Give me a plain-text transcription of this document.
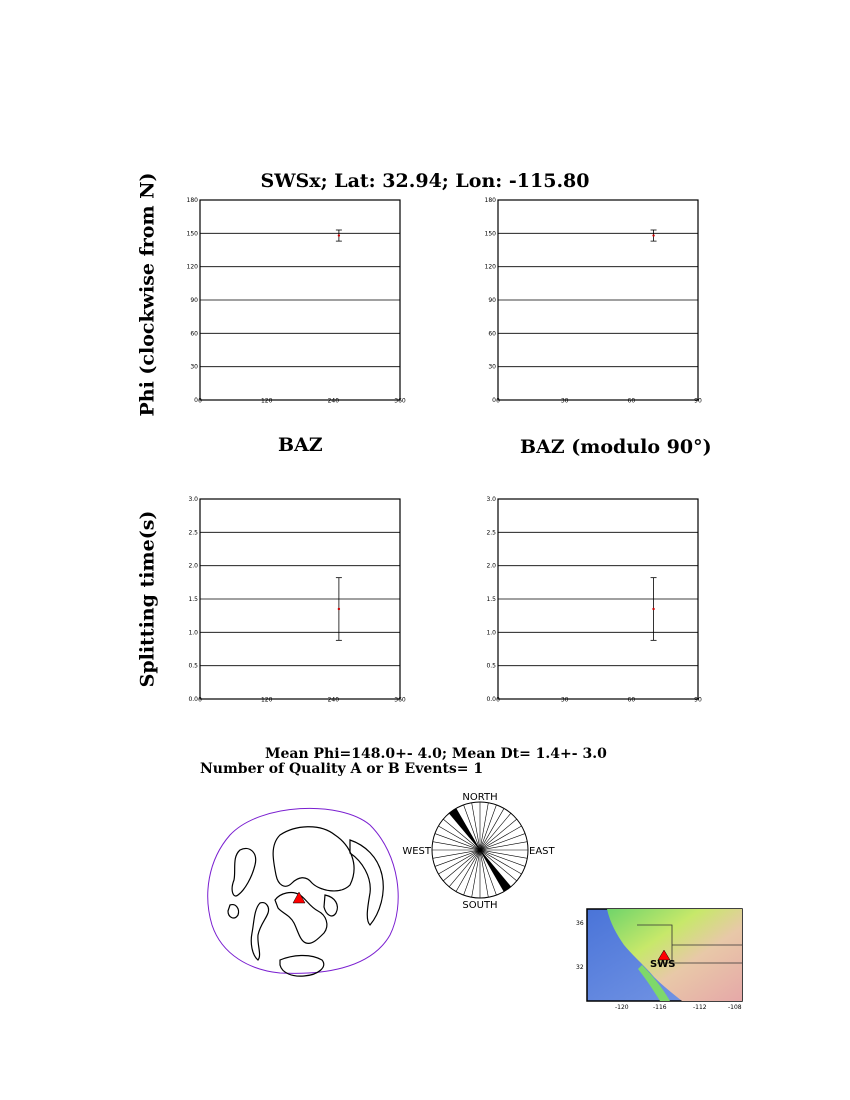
SWSx; Lat: 32.94; Lon: -115.80
Phi (clockwise from N)
Splitting time(s)
0
30
60
90
120
150
180
0	120	240	360	0
30
60
90
120
150
180
0	30	60	90
0.0
0.5
1.0
1.5
2.0
2.5
3.0
0	120	240	360	0.0
0.5
1.0
1.5
2.0
2.5
3.0
0	30	60	90
BAZ	BAZ (modulo 90°)
Mean Phi=148.0+- 4.0; Mean Dt= 1.4+- 3.0
Number of Quality A or B Events= 1
NORTH
SOUTH
WEST	EAST
SWS
36
32
-120	-116	-112	-108
